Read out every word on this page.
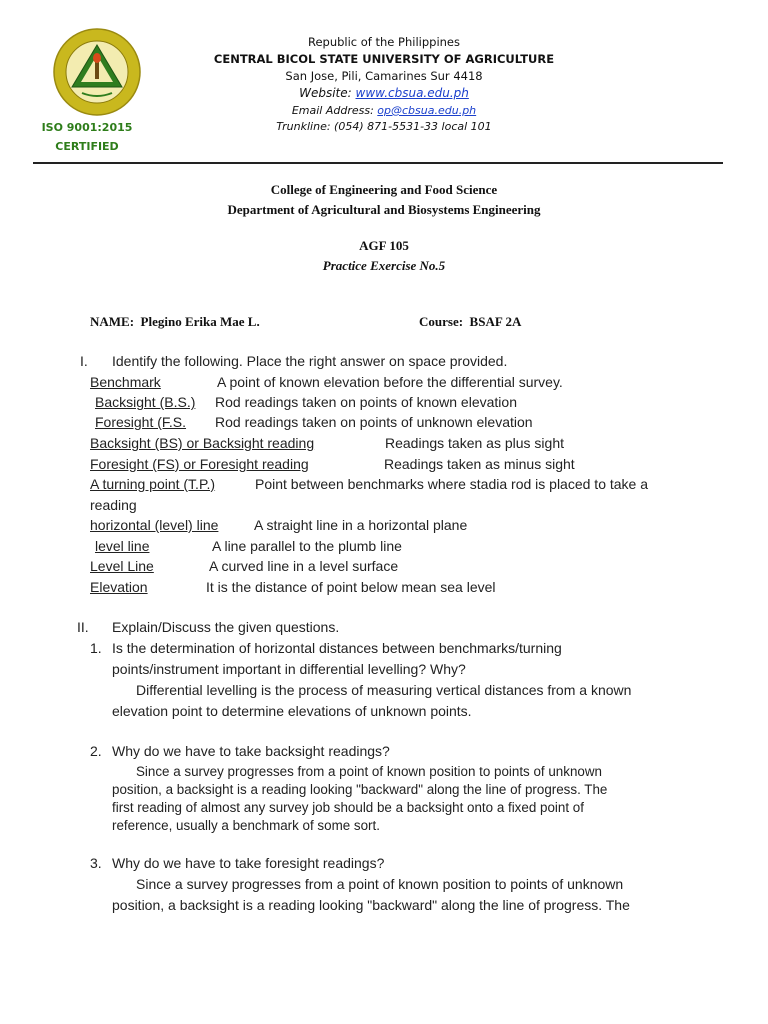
ISO 9001:2015
CERTIFIED
Republic of the Philippines
CENTRAL BICOL STATE UNIVERSITY OF AGRICULTURE
San Jose, Pili, Camarines Sur 4418
Website: www.cbsua.edu.ph
Email Address: op@cbsua.edu.ph
Trunkline: (054) 871-5531-33 local 101
College of Engineering and Food Science
Department of Agricultural and Biosystems Engineering
AGF 105
Practice Exercise No.5
NAME: Plegino Erika Mae L.	Course: BSAF 2A
I. Identify the following. Place the right answer on space provided.
Benchmark	A point of known elevation before the differential survey.
Backsight (B.S.) Rod readings taken on points of known elevation
Foresight (F.S. Rod readings taken on points of unknown elevation
Backsight (BS) or Backsight reading	Readings taken as plus sight
Foresight (FS) or Foresight reading	Readings taken as minus sight
A turning point (T.P.)	Point between benchmarks where stadia rod is placed to take a
reading
horizontal (level) line	A straight line in a horizontal plane
level line	A line parallel to the plumb line
Level Line	A curved line in a level surface
Elevation	It is the distance of point below mean sea level
II. Explain/Discuss the given questions.
1. Is the determination of horizontal distances between benchmarks/turning
points/instrument important in differential levelling? Why?
Differential levelling is the process of measuring vertical distances from a known
elevation point to determine elevations of unknown points.
2. Why do we have to take backsight readings?
Since a survey progresses from a point of known position to points of unknown
position, a backsight is a reading looking "backward" along the line of progress. The
first reading of almost any survey job should be a backsight onto a fixed point of
reference, usually a benchmark of some sort.
3. Why do we have to take foresight readings?
Since a survey progresses from a point of known position to points of unknown
position, a backsight is a reading looking "backward" along the line of progress. The
